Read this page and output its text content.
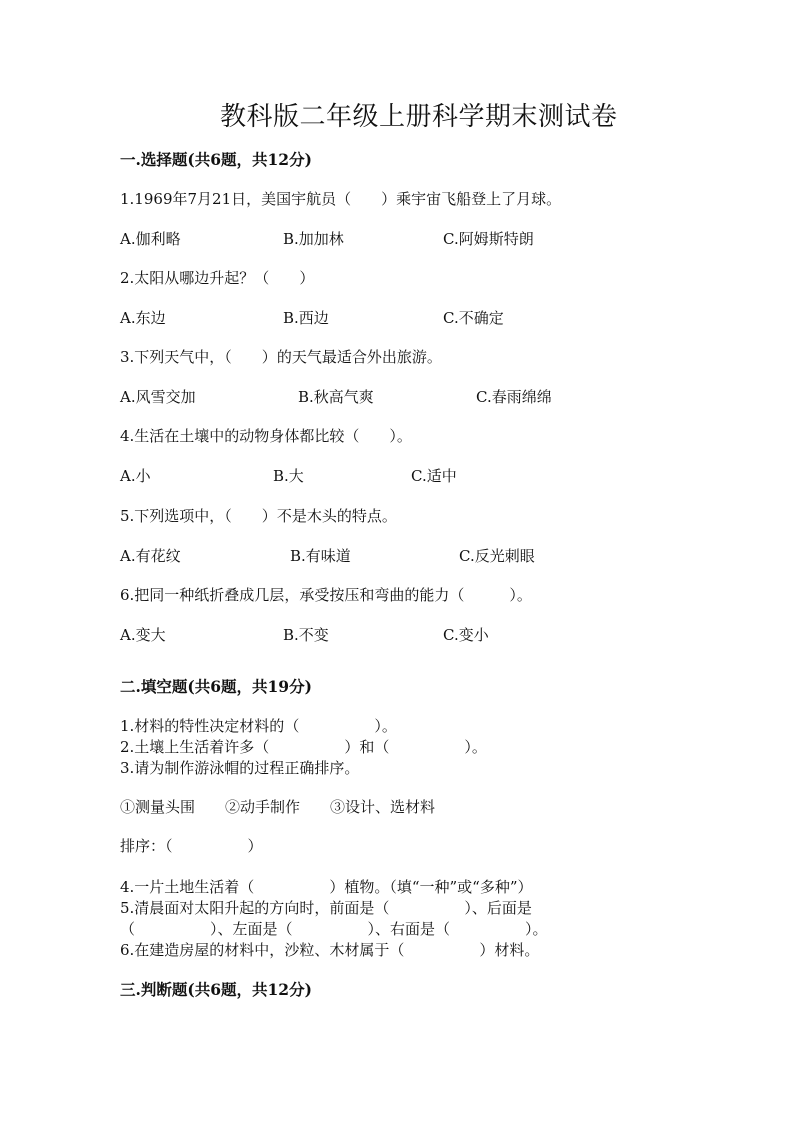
教科版二年级上册科学期末测试卷
一.选择题(共6题，共12分)
1.1969年7月21日，美国宇航员（　　）乘宇宙飞船登上了月球。
A.伽利略	B.加加林	C.阿姆斯特朗
2.太阳从哪边升起？（　　）
A.东边	B.西边	C.不确定
3.下列天气中，（　　）的天气最适合外出旅游。
A.风雪交加	B.秋高气爽	C.春雨绵绵
4.生活在土壤中的动物身体都比较（　　）。
A.小	B.大	C.适中
5.下列选项中，（　　）不是木头的特点。
A.有花纹	B.有味道	C.反光刺眼
6.把同一种纸折叠成几层，承受按压和弯曲的能力（　　　）。
A.变大	B.不变	C.变小
二.填空题(共6题，共19分)
1.材料的特性决定材料的（　　　　　）。
2.土壤上生活着许多（　　　　　）和（　　　　　）。
3.请为制作游泳帽的过程正确排序。
①测量头围　　②动手制作　　③设计、选材料
排序：（　　　　　）
4.一片土地生活着（　　　　　）植物。（填“一种”或“多种”）
5.清晨面对太阳升起的方向时，前面是（　　　　　）、后面是
（　　　　　）、左面是（　　　　　）、右面是（　　　　　）。
6.在建造房屋的材料中，沙粒、木材属于（　　　　　）材料。
三.判断题(共6题，共12分)
